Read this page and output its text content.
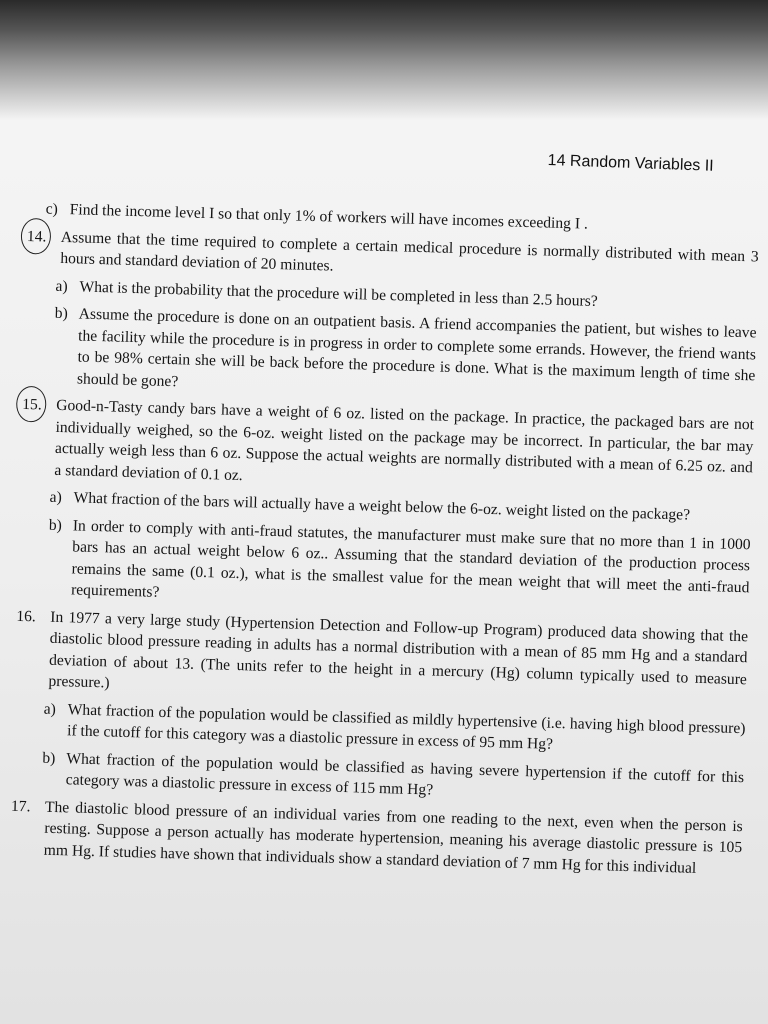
14 Random Variables II
c) Find the income level I so that only 1% of workers will have incomes exceeding I .
14. Assume that the time required to complete a certain medical procedure is normally distributed with mean 3 hours and standard deviation of 20 minutes.
a) What is the probability that the procedure will be completed in less than 2.5 hours?
b) Assume the procedure is done on an outpatient basis. A friend accompanies the patient, but wishes to leave the facility while the procedure is in progress in order to complete some errands. However, the friend wants to be 98% certain she will be back before the procedure is done. What is the maximum length of time she should be gone?
15. Good-n-Tasty candy bars have a weight of 6 oz. listed on the package. In practice, the packaged bars are not individually weighed, so the 6-oz. weight listed on the package may be incorrect. In particular, the bar may actually weigh less than 6 oz. Suppose the actual weights are normally distributed with a mean of 6.25 oz. and a standard deviation of 0.1 oz.
a) What fraction of the bars will actually have a weight below the 6-oz. weight listed on the package?
b) In order to comply with anti-fraud statutes, the manufacturer must make sure that no more than 1 in 1000 bars has an actual weight below 6 oz.. Assuming that the standard deviation of the production process remains the same (0.1 oz.), what is the smallest value for the mean weight that will meet the anti-fraud requirements?
16. In 1977 a very large study (Hypertension Detection and Follow-up Program) produced data showing that the diastolic blood pressure reading in adults has a normal distribution with a mean of 85 mm Hg and a standard deviation of about 13. (The units refer to the height in a mercury (Hg) column typically used to measure pressure.)
a) What fraction of the population would be classified as mildly hypertensive (i.e. having high blood pressure) if the cutoff for this category was a diastolic pressure in excess of 95 mm Hg?
b) What fraction of the population would be classified as having severe hypertension if the cutoff for this category was a diastolic pressure in excess of 115 mm Hg?
17. The diastolic blood pressure of an individual varies from one reading to the next, even when the person is resting. Suppose a person actually has moderate hypertension, meaning his average diastolic pressure is 105 mm Hg. If studies have shown that individuals show a standard deviation of 7 mm Hg for this individual
